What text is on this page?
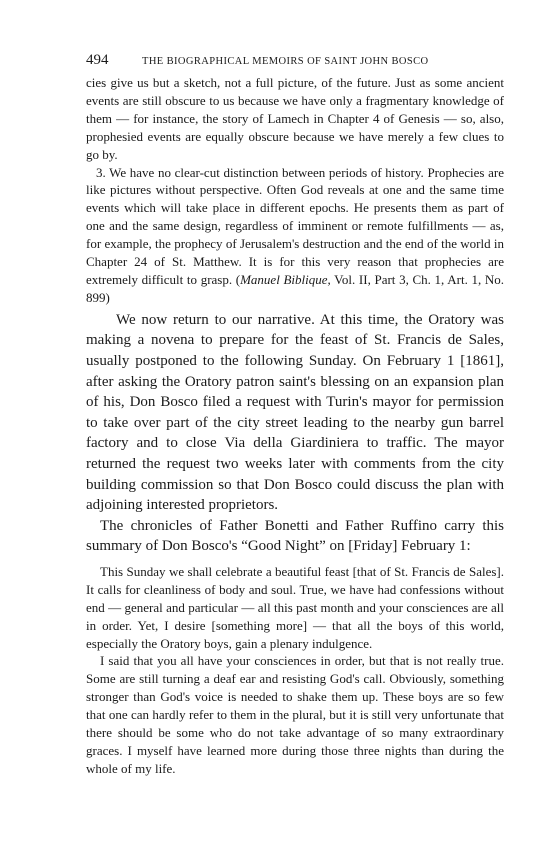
494	THE BIOGRAPHICAL MEMOIRS OF SAINT JOHN BOSCO

cies give us but a sketch, not a full picture, of the future. Just as some ancient events are still obscure to us because we have only a fragmentary knowledge of them — for instance, the story of Lamech in Chapter 4 of Genesis — so, also, prophesied events are equally obscure because we have merely a few clues to go by.

3. We have no clear-cut distinction between periods of history. Prophecies are like pictures without perspective. Often God reveals at one and the same time events which will take place in different epochs. He presents them as part of one and the same design, regardless of imminent or remote fulfillments — as, for example, the prophecy of Jerusalem's destruction and the end of the world in Chapter 24 of St. Matthew. It is for this very reason that prophecies are extremely difficult to grasp. (Manuel Biblique, Vol. II, Part 3, Ch. 1, Art. 1, No. 899)

We now return to our narrative. At this time, the Oratory was making a novena to prepare for the feast of St. Francis de Sales, usually postponed to the following Sunday. On February 1 [1861], after asking the Oratory patron saint's blessing on an expansion plan of his, Don Bosco filed a request with Turin's mayor for permission to take over part of the city street leading to the nearby gun barrel factory and to close Via della Giardiniera to traffic. The mayor returned the request two weeks later with comments from the city building commission so that Don Bosco could discuss the plan with adjoining interested proprietors.

The chronicles of Father Bonetti and Father Ruffino carry this summary of Don Bosco's “Good Night” on [Friday] February 1:

This Sunday we shall celebrate a beautiful feast [that of St. Francis de Sales]. It calls for cleanliness of body and soul. True, we have had confessions without end — general and particular — all this past month and your consciences are all in order. Yet, I desire [something more] — that all the boys of this world, especially the Oratory boys, gain a plenary indulgence.

I said that you all have your consciences in order, but that is not really true. Some are still turning a deaf ear and resisting God's call. Obviously, something stronger than God's voice is needed to shake them up. These boys are so few that one can hardly refer to them in the plural, but it is still very unfortunate that there should be some who do not take advantage of so many extraordinary graces. I myself have learned more during those three nights than during the whole of my life.
